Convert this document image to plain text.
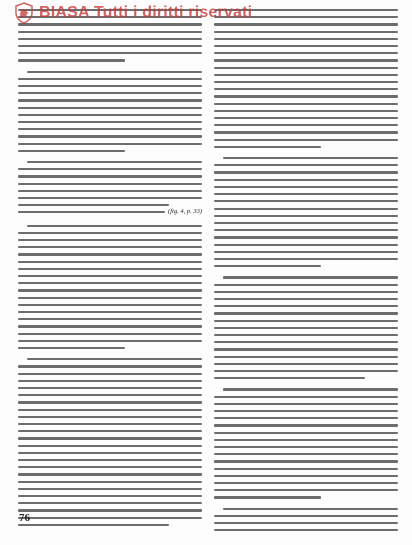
BIASA Tutti i diritti riservati
(fig. 4, p. 33)
76
